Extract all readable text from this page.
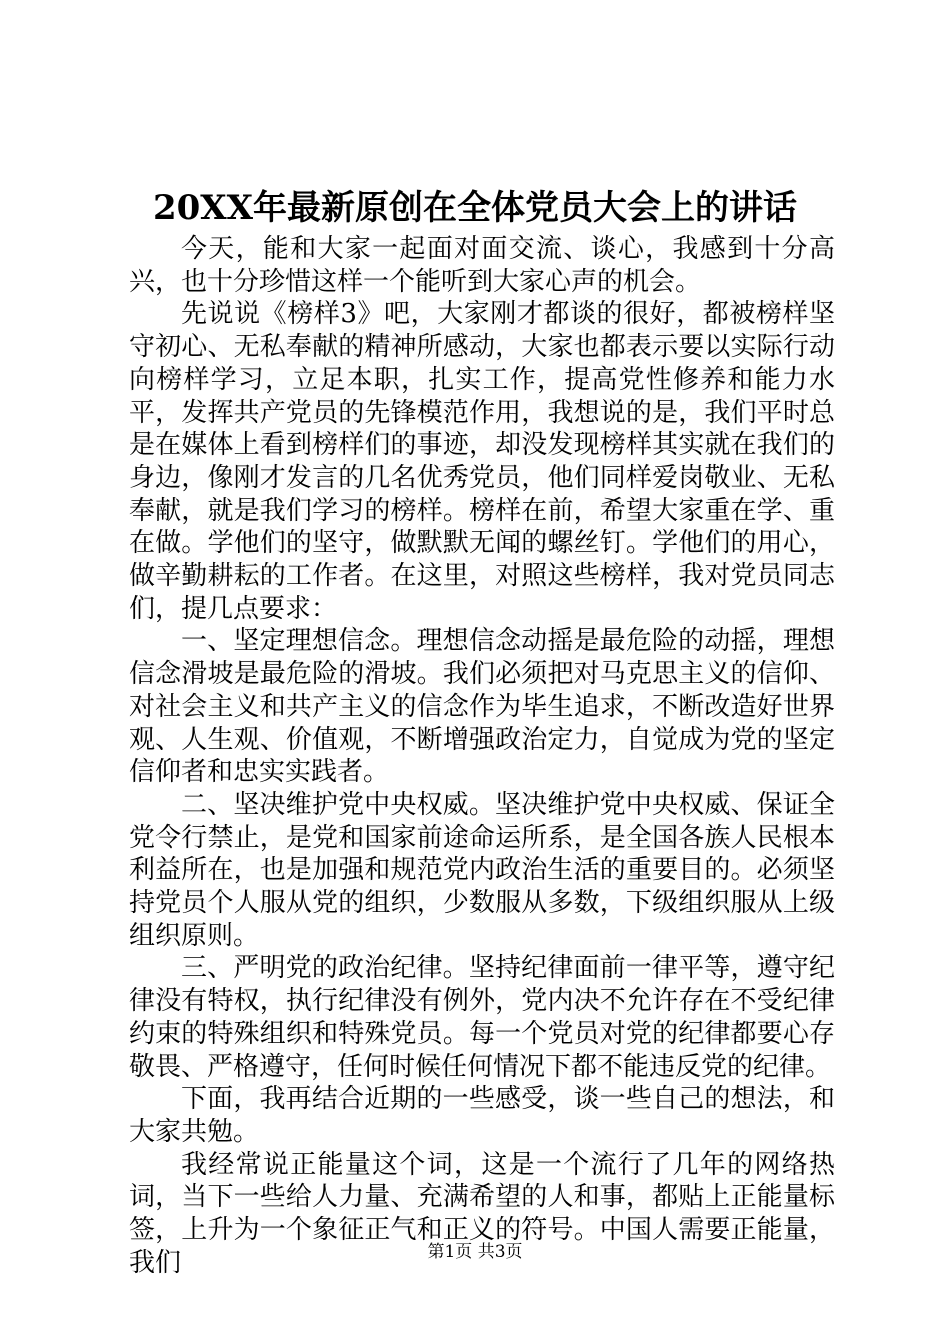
20XX年最新原创在全体党员大会上的讲话

今天，能和大家一起面对面交流、谈心，我感到十分高兴，也十分珍惜这样一个能听到大家心声的机会。

先说说《榜样3》吧，大家刚才都谈的很好，都被榜样坚守初心、无私奉献的精神所感动，大家也都表示要以实际行动向榜样学习，立足本职，扎实工作，提高党性修养和能力水平，发挥共产党员的先锋模范作用，我想说的是，我们平时总是在媒体上看到榜样们的事迹，却没发现榜样其实就在我们的身边，像刚才发言的几名优秀党员，他们同样爱岗敬业、无私奉献，就是我们学习的榜样。榜样在前，希望大家重在学、重在做。学他们的坚守，做默默无闻的螺丝钉。学他们的用心，做辛勤耕耘的工作者。在这里，对照这些榜样，我对党员同志们，提几点要求：

一、坚定理想信念。理想信念动摇是最危险的动摇，理想信念滑坡是最危险的滑坡。我们必须把对马克思主义的信仰、对社会主义和共产主义的信念作为毕生追求，不断改造好世界观、人生观、价值观，不断增强政治定力，自觉成为党的坚定信仰者和忠实实践者。

二、坚决维护党中央权威。坚决维护党中央权威、保证全党令行禁止，是党和国家前途命运所系，是全国各族人民根本利益所在，也是加强和规范党内政治生活的重要目的。必须坚持党员个人服从党的组织，少数服从多数，下级组织服从上级组织原则。

三、严明党的政治纪律。坚持纪律面前一律平等，遵守纪律没有特权，执行纪律没有例外，党内决不允许存在不受纪律约束的特殊组织和特殊党员。每一个党员对党的纪律都要心存敬畏、严格遵守，任何时候任何情况下都不能违反党的纪律。

下面，我再结合近期的一些感受，谈一些自己的想法，和大家共勉。

我经常说正能量这个词，这是一个流行了几年的网络热词，当下一些给人力量、充满希望的人和事，都贴上正能量标签，上升为一个象征正气和正义的符号。中国人需要正能量，我们	第1页 共3页
